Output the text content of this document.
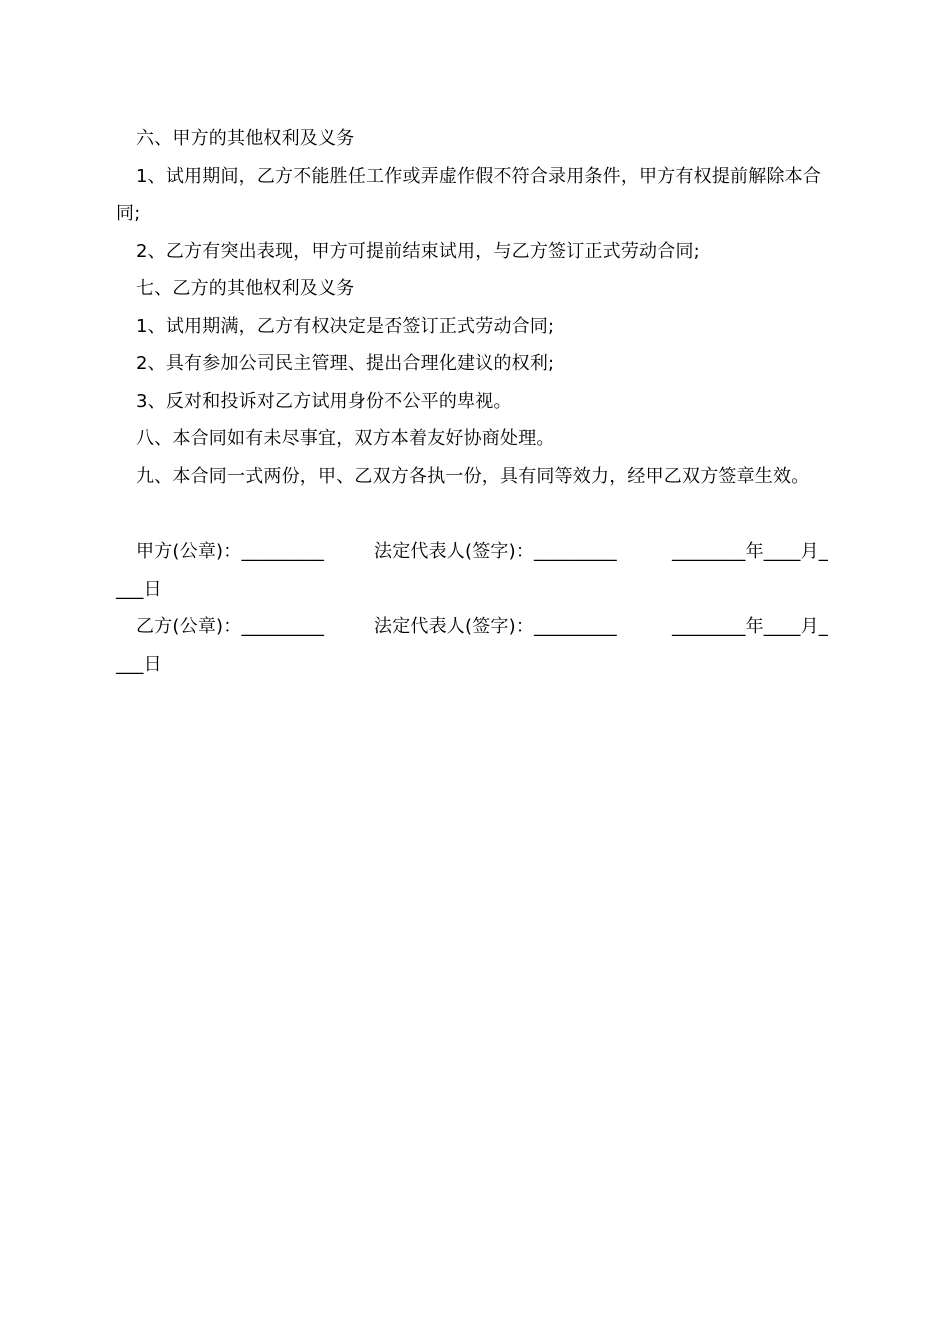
六、甲方的其他权利及义务

1、试用期间，乙方不能胜任工作或弄虚作假不符合录用条件，甲方有权提前解除本合同;

2、乙方有突出表现，甲方可提前结束试用，与乙方签订正式劳动合同;

七、乙方的其他权利及义务

1、试用期满，乙方有权决定是否签订正式劳动合同;

2、具有参加公司民主管理、提出合理化建议的权利;

3、反对和投诉对乙方试用身份不公平的卑视。

八、本合同如有未尽事宜，双方本着友好协商处理。

九、本合同一式两份，甲、乙双方各执一份，具有同等效力，经甲乙双方签章生效。

甲方(公章)：_________	法定代表人(签字)：_________	________年____月_
___日
乙方(公章)：_________	法定代表人(签字)：_________	________年____月_
___日
